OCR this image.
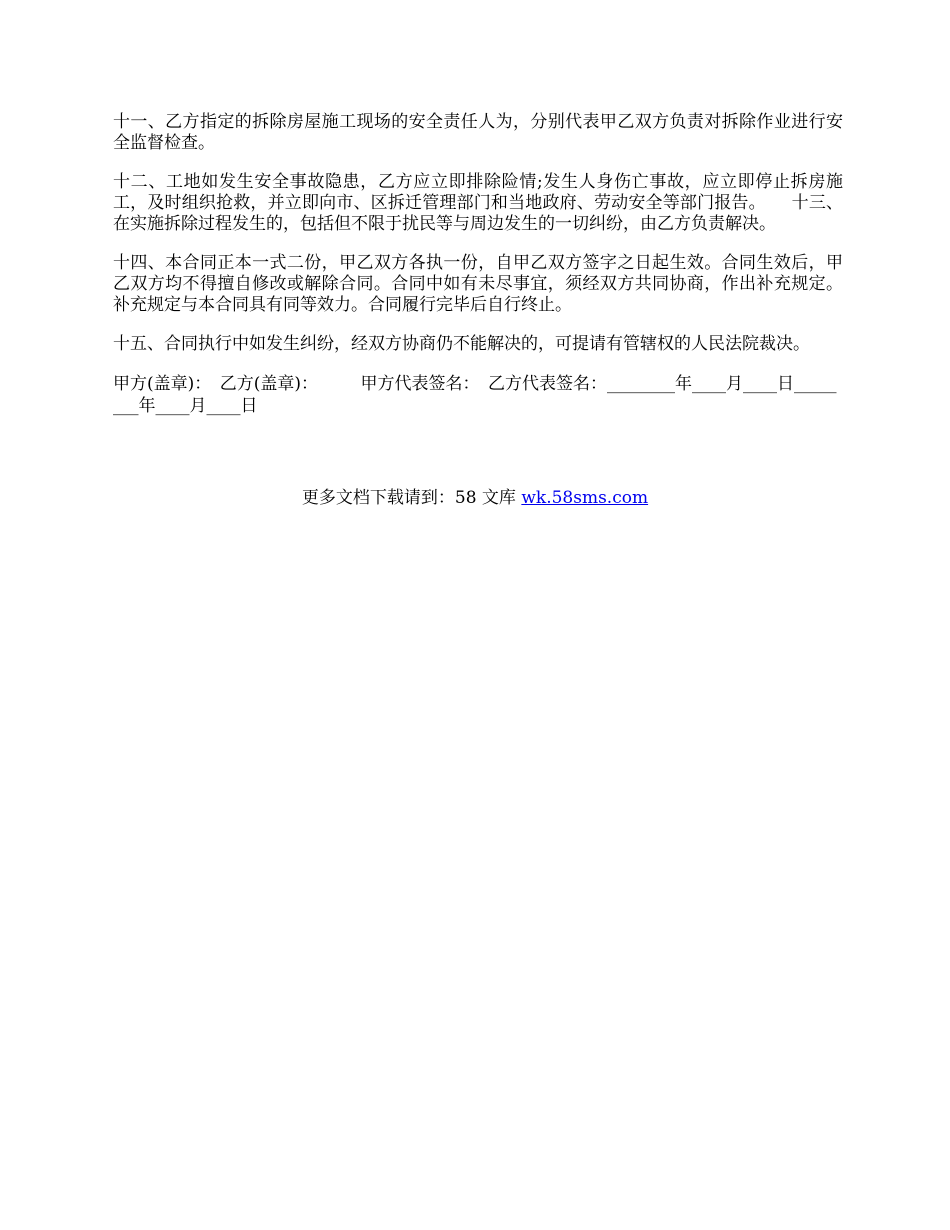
十一、乙方指定的拆除房屋施工现场的安全责任人为，分别代表甲乙双方负责对拆除作业进行安全监督检查。

十二、工地如发生安全事故隐患，乙方应立即排除险情;发生人身伤亡事故，应立即停止拆房施工，及时组织抢救，并立即向市、区拆迁管理部门和当地政府、劳动安全等部门报告。　　十三、在实施拆除过程发生的，包括但不限于扰民等与周边发生的一切纠纷，由乙方负责解决。

十四、本合同正本一式二份，甲乙双方各执一份，自甲乙双方签字之日起生效。合同生效后，甲乙双方均不得擅自修改或解除合同。合同中如有未尽事宜，须经双方共同协商，作出补充规定。补充规定与本合同具有同等效力。合同履行完毕后自行终止。

十五、合同执行中如发生纠纷，经双方协商仍不能解决的，可提请有管辖权的人民法院裁决。

甲方(盖章)：　乙方(盖章)：　　　甲方代表签名：　乙方代表签名：________年____月____日________年____月____日

更多文档下载请到：58 文库 wk.58sms.com
